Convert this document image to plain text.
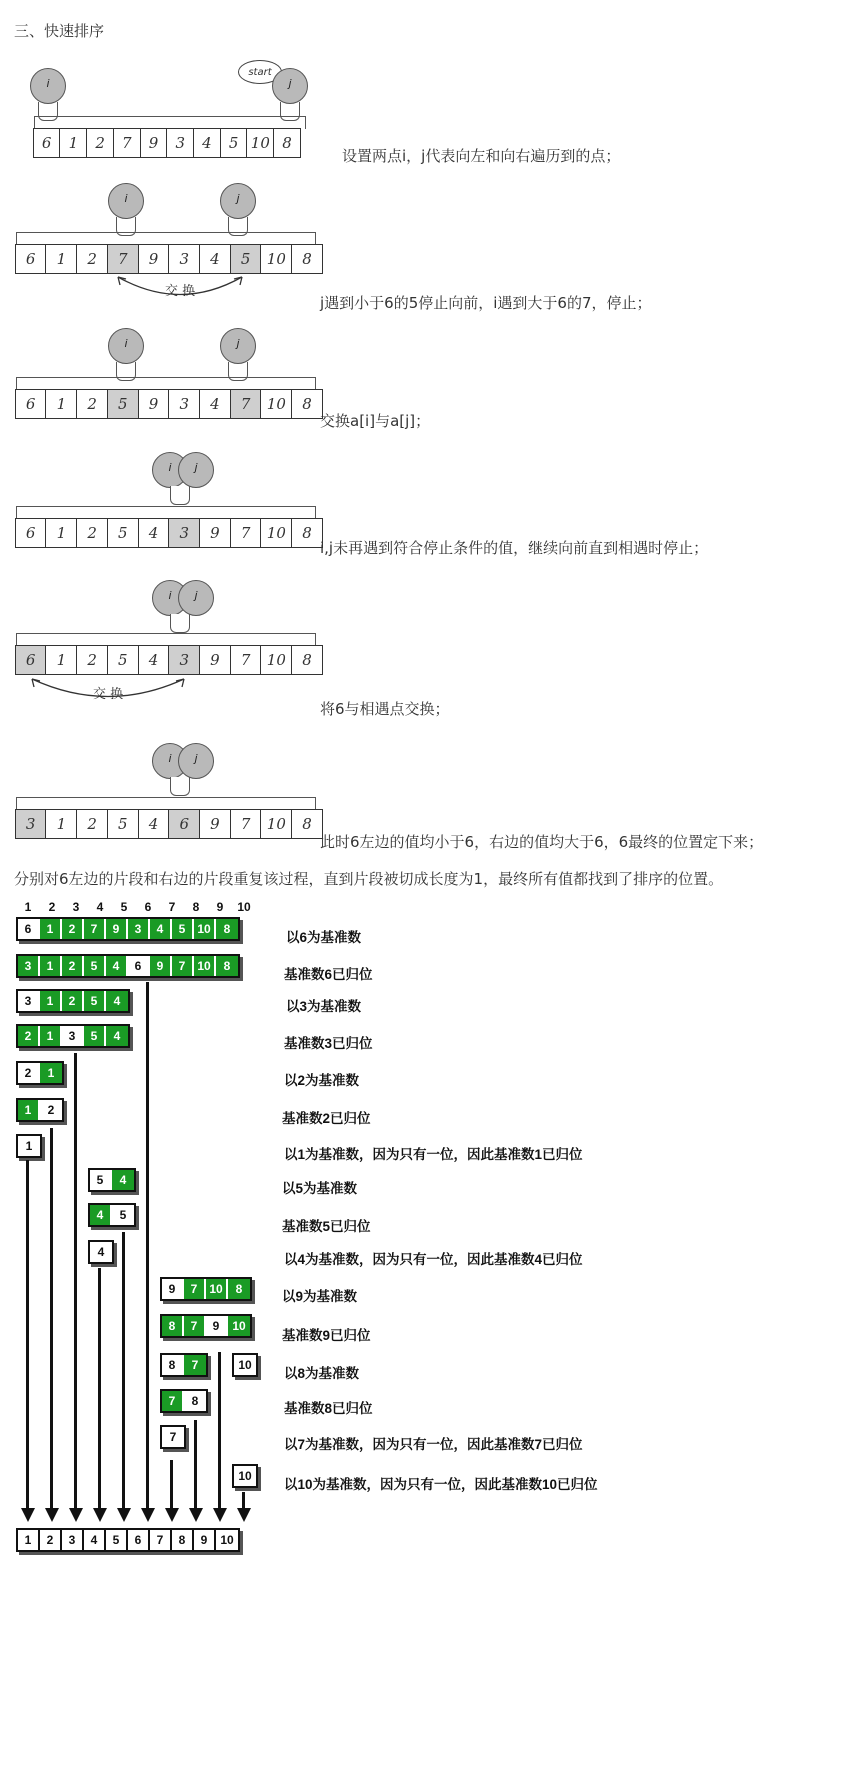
三、快速排序
i
start
j
6	1	2	7	9	3	4	5 10 8
设置两点i，j代表向左和向右遍历到的点；
i	j
6	1	2	7	9	3	4	5	10	8
交 换
j遇到小于6的5停止向前，i遇到大于6的7，停止；
i	j
6	1	2	5	9	3	4	7	10	8
交换a[i]与a[j]；
i	j
6	1	2	5	4	3	9	7	10	8
i,j未再遇到符合停止条件的值，继续向前直到相遇时停止；
i	j
6	1	2	5	4	3	9	7	10	8
交 换
将6与相遇点交换；
i	j
3	1	2	5	4	6	9	7	10	8
此时6左边的值均小于6，右边的值均大于6，6最终的位置定下来；
分别对6左边的片段和右边的片段重复该过程，直到片段被切成长度为1，最终所有值都找到了排序的位置。
1	2	3	4	5	6	7	8	9	10
6	1	2	7	9	3	4	5 10	8
以6为基准数
3	1	2	5	4	6	9	7 10	8
基准数6已归位
3	1	2	5	4	以3为基准数
2	1	3	5	4	基准数3已归位
2	1	以2为基准数
1	2
基准数2已归位
1
以1为基准数，因为只有一位，因此基准数1已归位
5	4
以5为基准数
4	5
基准数5已归位
4	以4为基准数，因为只有一位，因此基准数4已归位
9	7 10	8	以9为基准数
8	7	9	10
基准数9已归位
8	7	10
以8为基准数
7	8	基准数8已归位
7	以7为基准数，因为只有一位，因此基准数7已归位
10
以10为基准数，因为只有一位，因此基准数10已归位
1	2	3	4	5	6	7	8	9	10
